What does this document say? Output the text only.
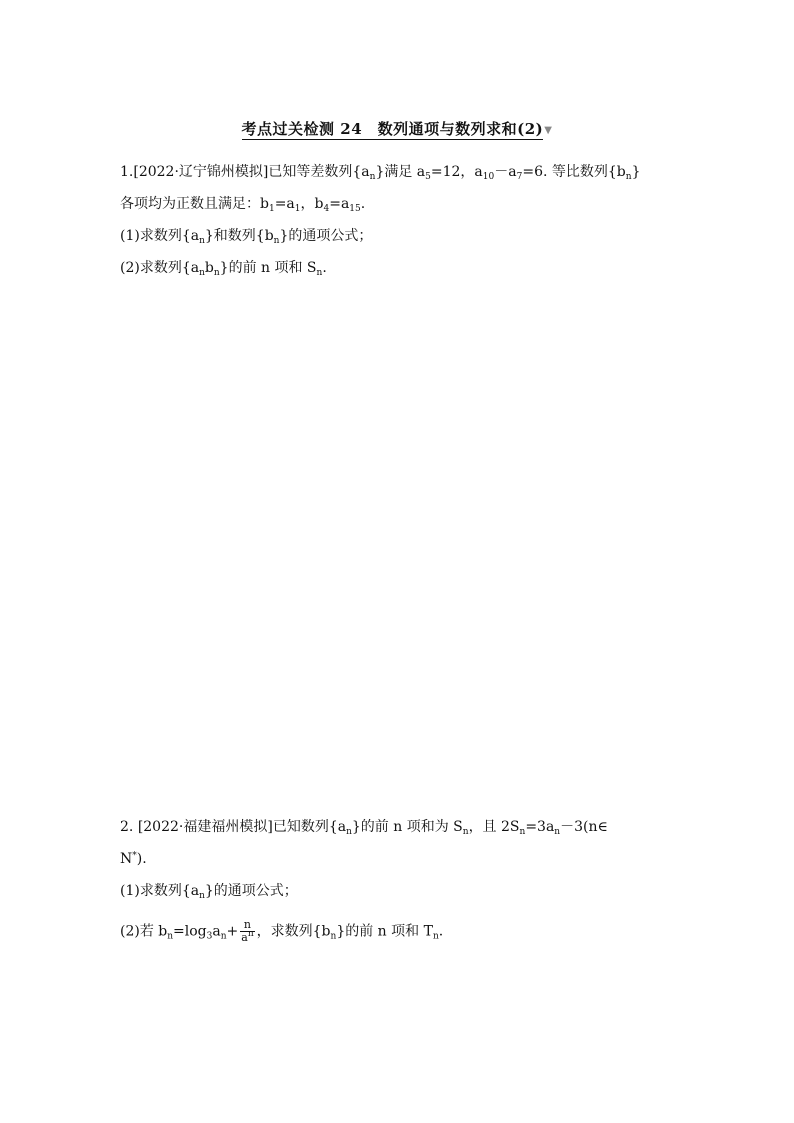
考点过关检测 24　数列通项与数列求和(2)▼
1.[2022·辽宁锦州模拟]已知等差数列$\{a_n\}$满足 $a_5=12$，$a_{10}-a_7=6$. 等比数列$\{b_n\}$
各项均为正数且满足：$b_1=a_1$，$b_4=a_{15}$.
(1)求数列$\{a_n\}$和数列$\{b_n\}$的通项公式；
(2)求数列$\{a_nb_n\}$的前 n 项和 $S_n$.
2. [2022·福建福州模拟]已知数列$\{a_n\}$的前 n 项和为 $S_n$，且 $2S_n=3a_n-3(n\in$
N*).
(1)求数列$\{a_n\}$的通项公式；
(2)若 $b_n=\log_3a_n+ \frac{n}{a^n}$ ，求数列$\{b_n\}$的前 n 项和 $T_n$.
